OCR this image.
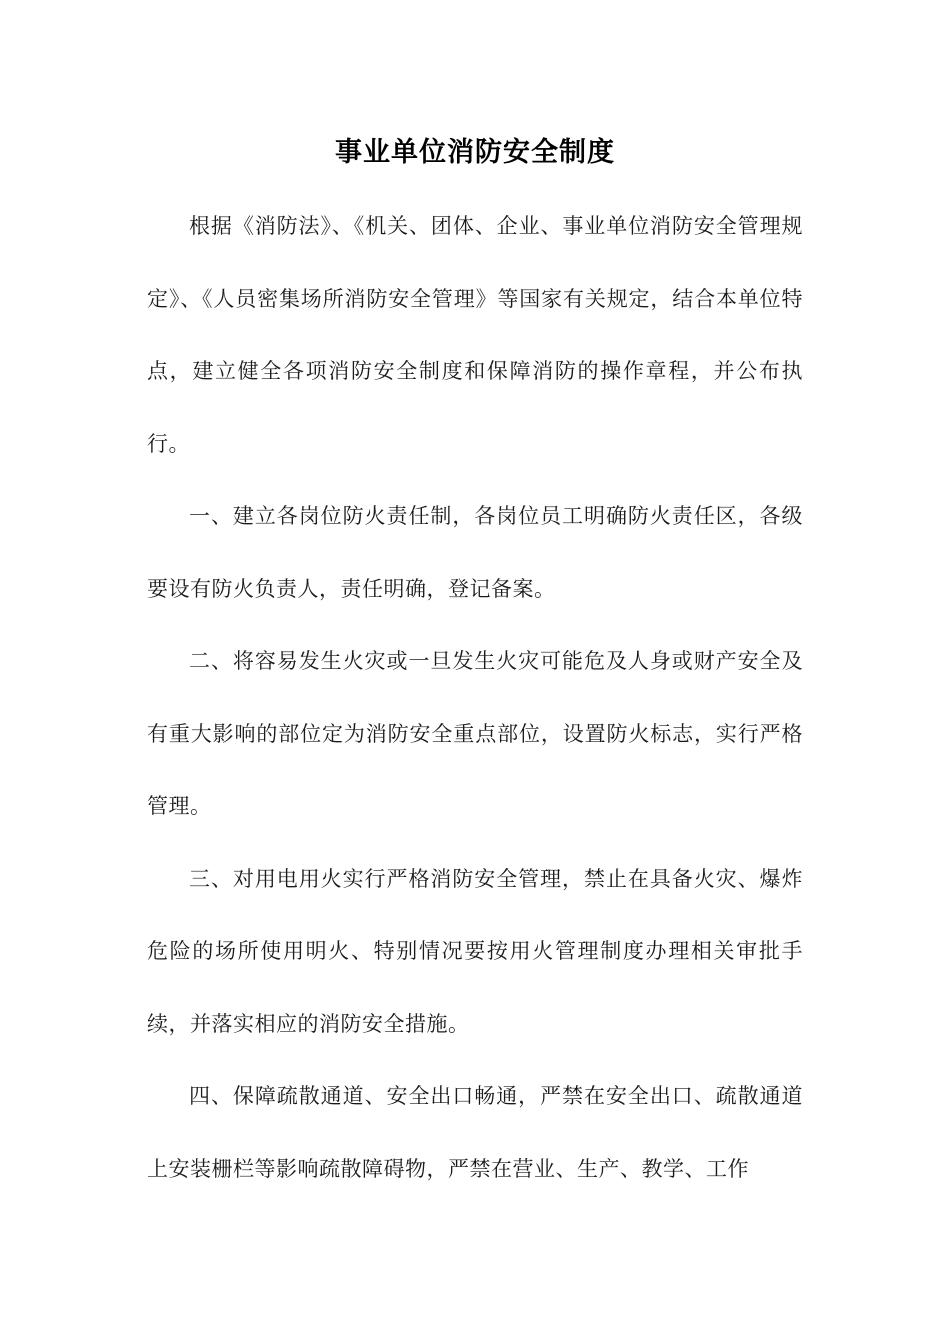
事业单位消防安全制度

根据《消防法》、《机关、团体、企业、事业单位消防安全管理规定》、《人员密集场所消防安全管理》等国家有关规定，结合本单位特点，建立健全各项消防安全制度和保障消防的操作章程，并公布执行。

一、建立各岗位防火责任制，各岗位员工明确防火责任区，各级要设有防火负责人，责任明确，登记备案。

二、将容易发生火灾或一旦发生火灾可能危及人身或财产安全及有重大影响的部位定为消防安全重点部位，设置防火标志，实行严格管理。

三、对用电用火实行严格消防安全管理，禁止在具备火灾、爆炸危险的场所使用明火、特别情况要按用火管理制度办理相关审批手续，并落实相应的消防安全措施。

四、保障疏散通道、安全出口畅通，严禁在安全出口、疏散通道上安装栅栏等影响疏散障碍物，严禁在营业、生产、教学、工作
